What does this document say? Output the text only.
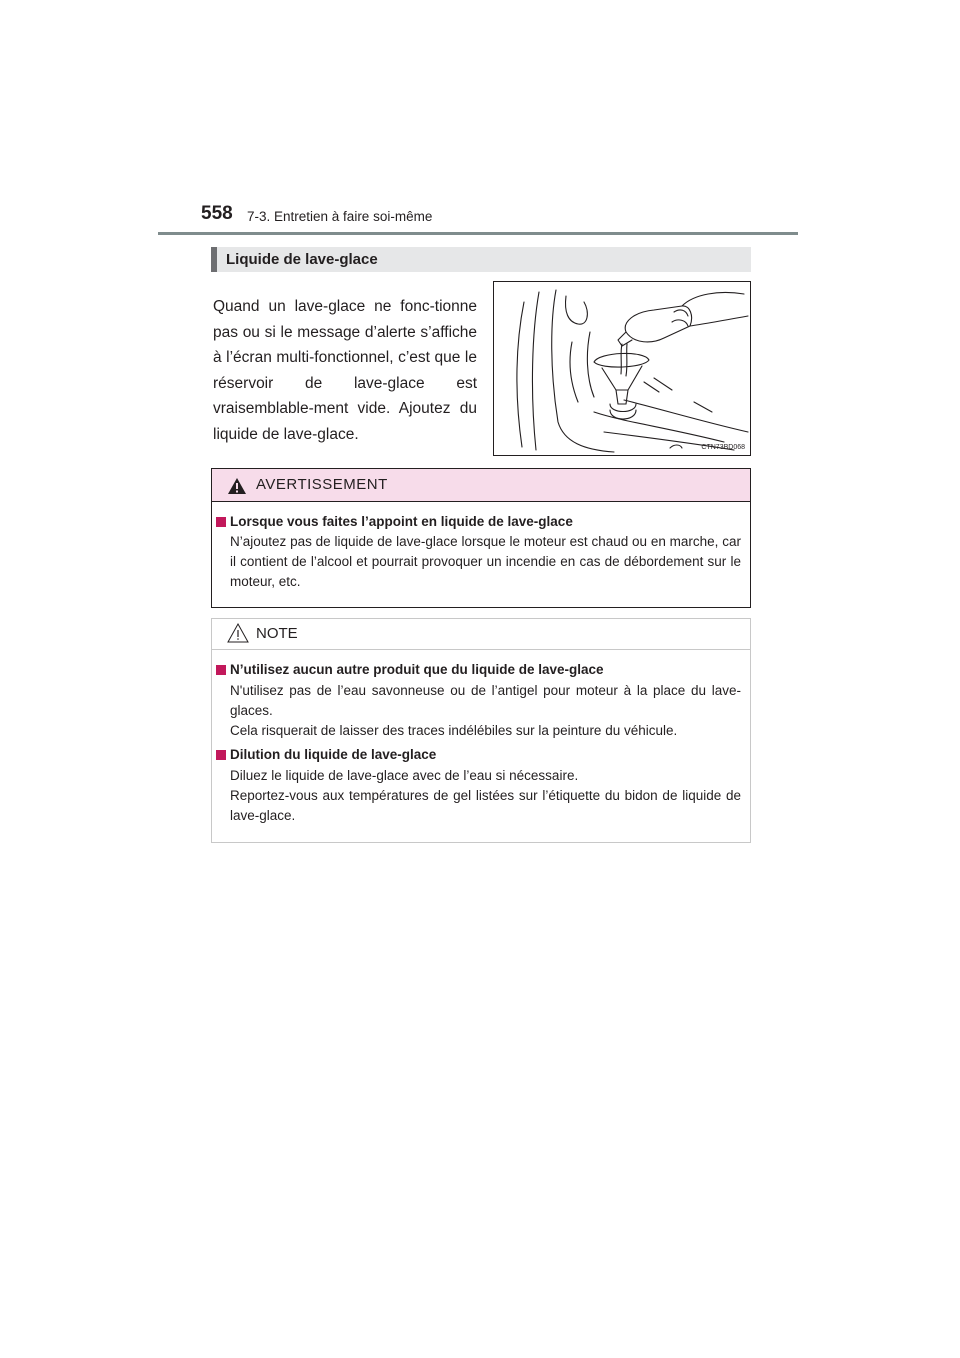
558 7-3. Entretien à faire soi-même
Liquide de lave-glace
Quand un lave-glace ne fonc-tionne pas ou si le message d’alerte s’affiche à l’écran multi-fonctionnel, c’est que le réservoir de lave-glace est vraisemblable-ment vide. Ajoutez du liquide de lave-glace.
CTN73BD068
AVERTISSEMENT
Lorsque vous faites l’appoint en liquide de lave-glace
N’ajoutez pas de liquide de lave-glace lorsque le moteur est chaud ou en marche, car il contient de l’alcool et pourrait provoquer un incendie en cas de débordement sur le moteur, etc.
NOTE
N’utilisez aucun autre produit que du liquide de lave-glace
N'utilisez pas de l’eau savonneuse ou de l’antigel pour moteur à la place du lave-glaces.
Cela risquerait de laisser des traces indélébiles sur la peinture du véhicule.
Dilution du liquide de lave-glace
Diluez le liquide de lave-glace avec de l’eau si nécessaire.
Reportez-vous aux températures de gel listées sur l’étiquette du bidon de liquide de lave-glace.
